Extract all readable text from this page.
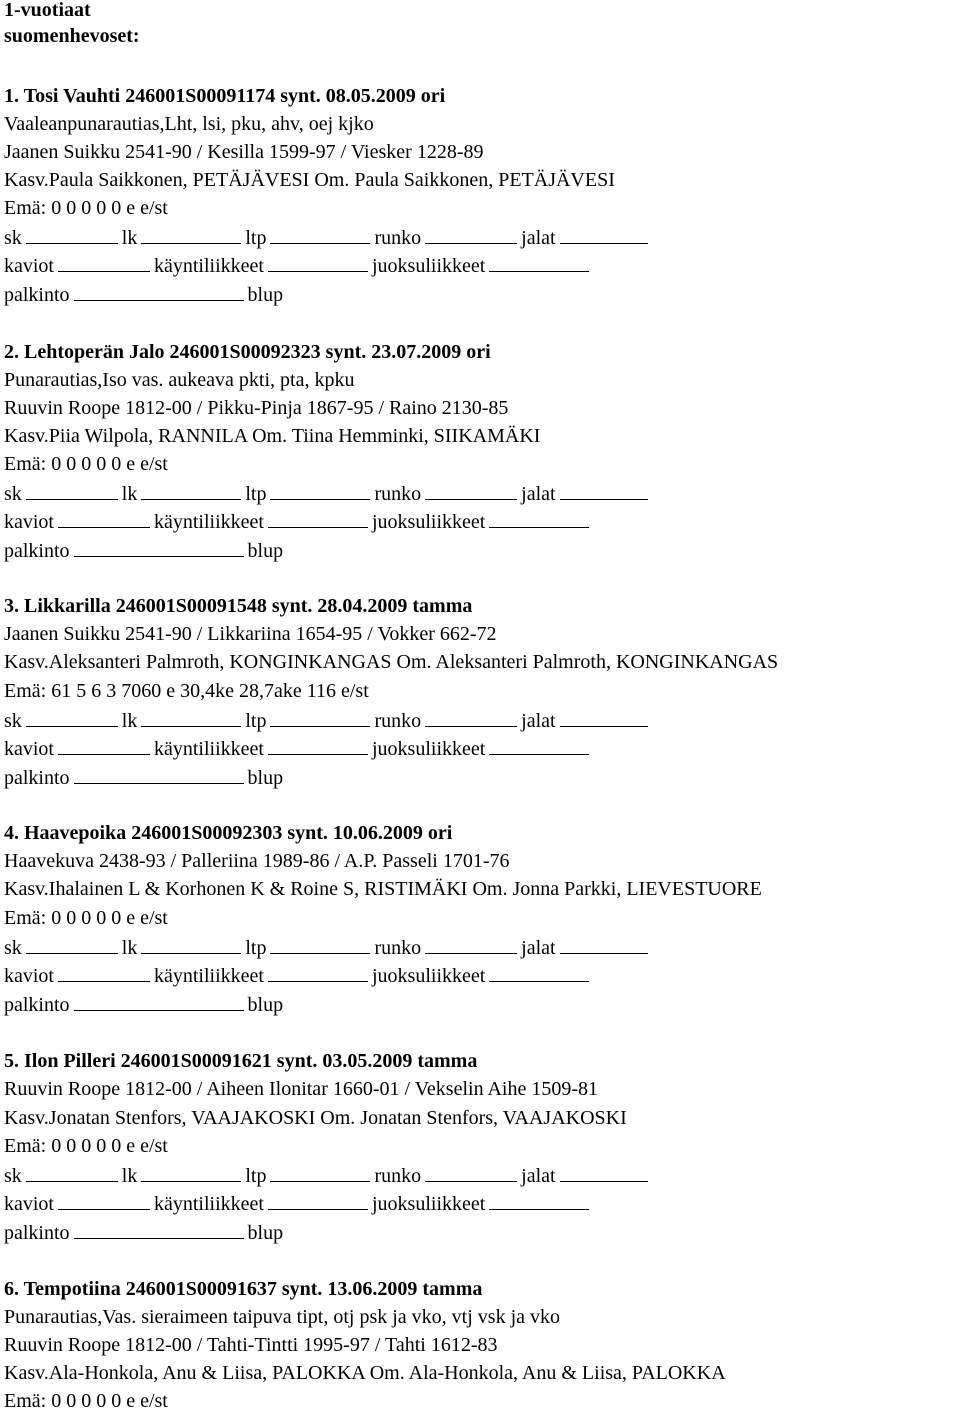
1-vuotiaat
suomenhevoset:
1. Tosi Vauhti 246001S00091174 synt. 08.05.2009 ori
Vaaleanpunarautias,Lht, lsi, pku, ahv, oej kjko
Jaanen Suikku 2541-90 / Kesilla 1599-97 / Viesker 1228-89
Kasv.Paula Saikkonen, PETÄJÄVESI Om. Paula Saikkonen, PETÄJÄVESI
Emä: 0 0 0 0 0 e e/st
sk	lk	ltp	runko	jalat
kaviot	käyntiliikkeet	juoksuliikkeet
palkinto	blup
2. Lehtoperän Jalo 246001S00092323 synt. 23.07.2009 ori
Punarautias,Iso vas. aukeava pkti, pta, kpku
Ruuvin Roope 1812-00 / Pikku-Pinja 1867-95 / Raino 2130-85
Kasv.Piia Wilpola, RANNILA Om. Tiina Hemminki, SIIKAMÄKI
Emä: 0 0 0 0 0 e e/st
sk	lk	ltp	runko	jalat
kaviot	käyntiliikkeet	juoksuliikkeet
palkinto	blup
3. Likkarilla 246001S00091548 synt. 28.04.2009 tamma
Jaanen Suikku 2541-90 / Likkariina 1654-95 / Vokker 662-72
Kasv.Aleksanteri Palmroth, KONGINKANGAS Om. Aleksanteri Palmroth, KONGINKANGAS
Emä: 61 5 6 3 7060 e 30,4ke 28,7ake 116 e/st
sk	lk	ltp	runko	jalat
kaviot	käyntiliikkeet	juoksuliikkeet
palkinto	blup
4. Haavepoika 246001S00092303 synt. 10.06.2009 ori
Haavekuva 2438-93 / Palleriina 1989-86 / A.P. Passeli 1701-76
Kasv.Ihalainen L & Korhonen K & Roine S, RISTIMÄKI Om. Jonna Parkki, LIEVESTUORE
Emä: 0 0 0 0 0 e e/st
sk	lk	ltp	runko	jalat
kaviot	käyntiliikkeet	juoksuliikkeet
palkinto	blup
5. Ilon Pilleri 246001S00091621 synt. 03.05.2009 tamma
Ruuvin Roope 1812-00 / Aiheen Ilonitar 1660-01 / Vekselin Aihe 1509-81
Kasv.Jonatan Stenfors, VAAJAKOSKI Om. Jonatan Stenfors, VAAJAKOSKI
Emä: 0 0 0 0 0 e e/st
sk	lk	ltp	runko	jalat
kaviot	käyntiliikkeet	juoksuliikkeet
palkinto	blup
6. Tempotiina 246001S00091637 synt. 13.06.2009 tamma
Punarautias,Vas. sieraimeen taipuva tipt, otj psk ja vko, vtj vsk ja vko
Ruuvin Roope 1812-00 / Tahti-Tintti 1995-97 / Tahti 1612-83
Kasv.Ala-Honkola, Anu & Liisa, PALOKKA Om. Ala-Honkola, Anu & Liisa, PALOKKA
Emä: 0 0 0 0 0 e e/st
